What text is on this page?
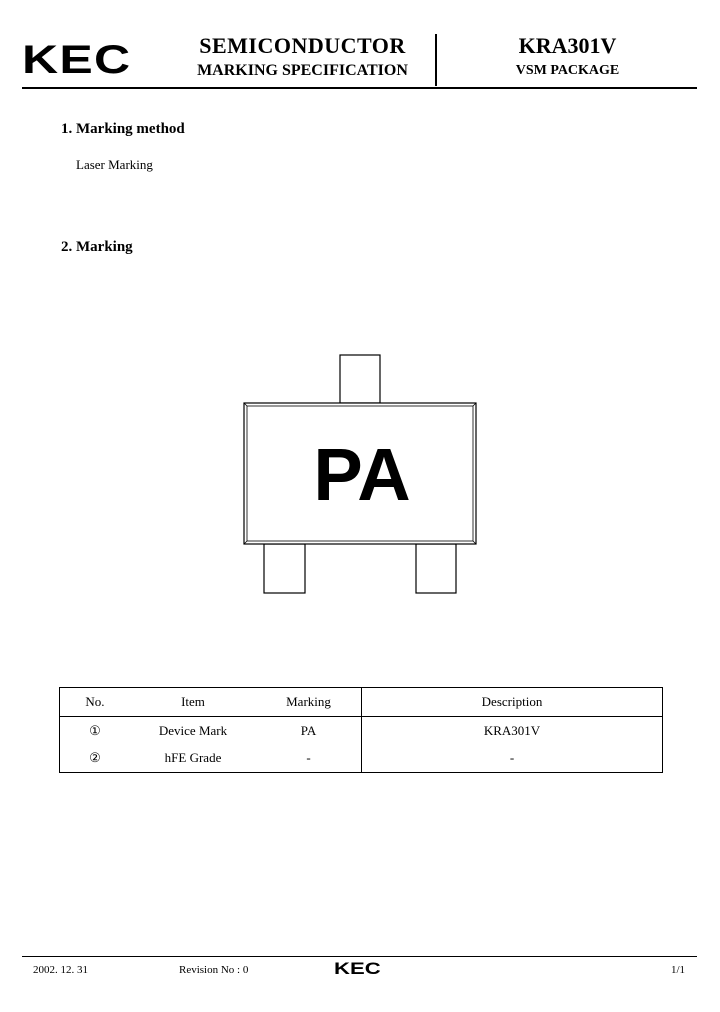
KEC	SEMICONDUCTOR
MARKING SPECIFICATION
KRA301V
VSM PACKAGE
1. Marking method
Laser Marking
2. Marking
PA
No.	Item	Marking	Description
①	Device Mark	PA	KRA301V
②	hFE Grade	-	-
2002. 12. 31	Revision No : 0	KEC	1/1
